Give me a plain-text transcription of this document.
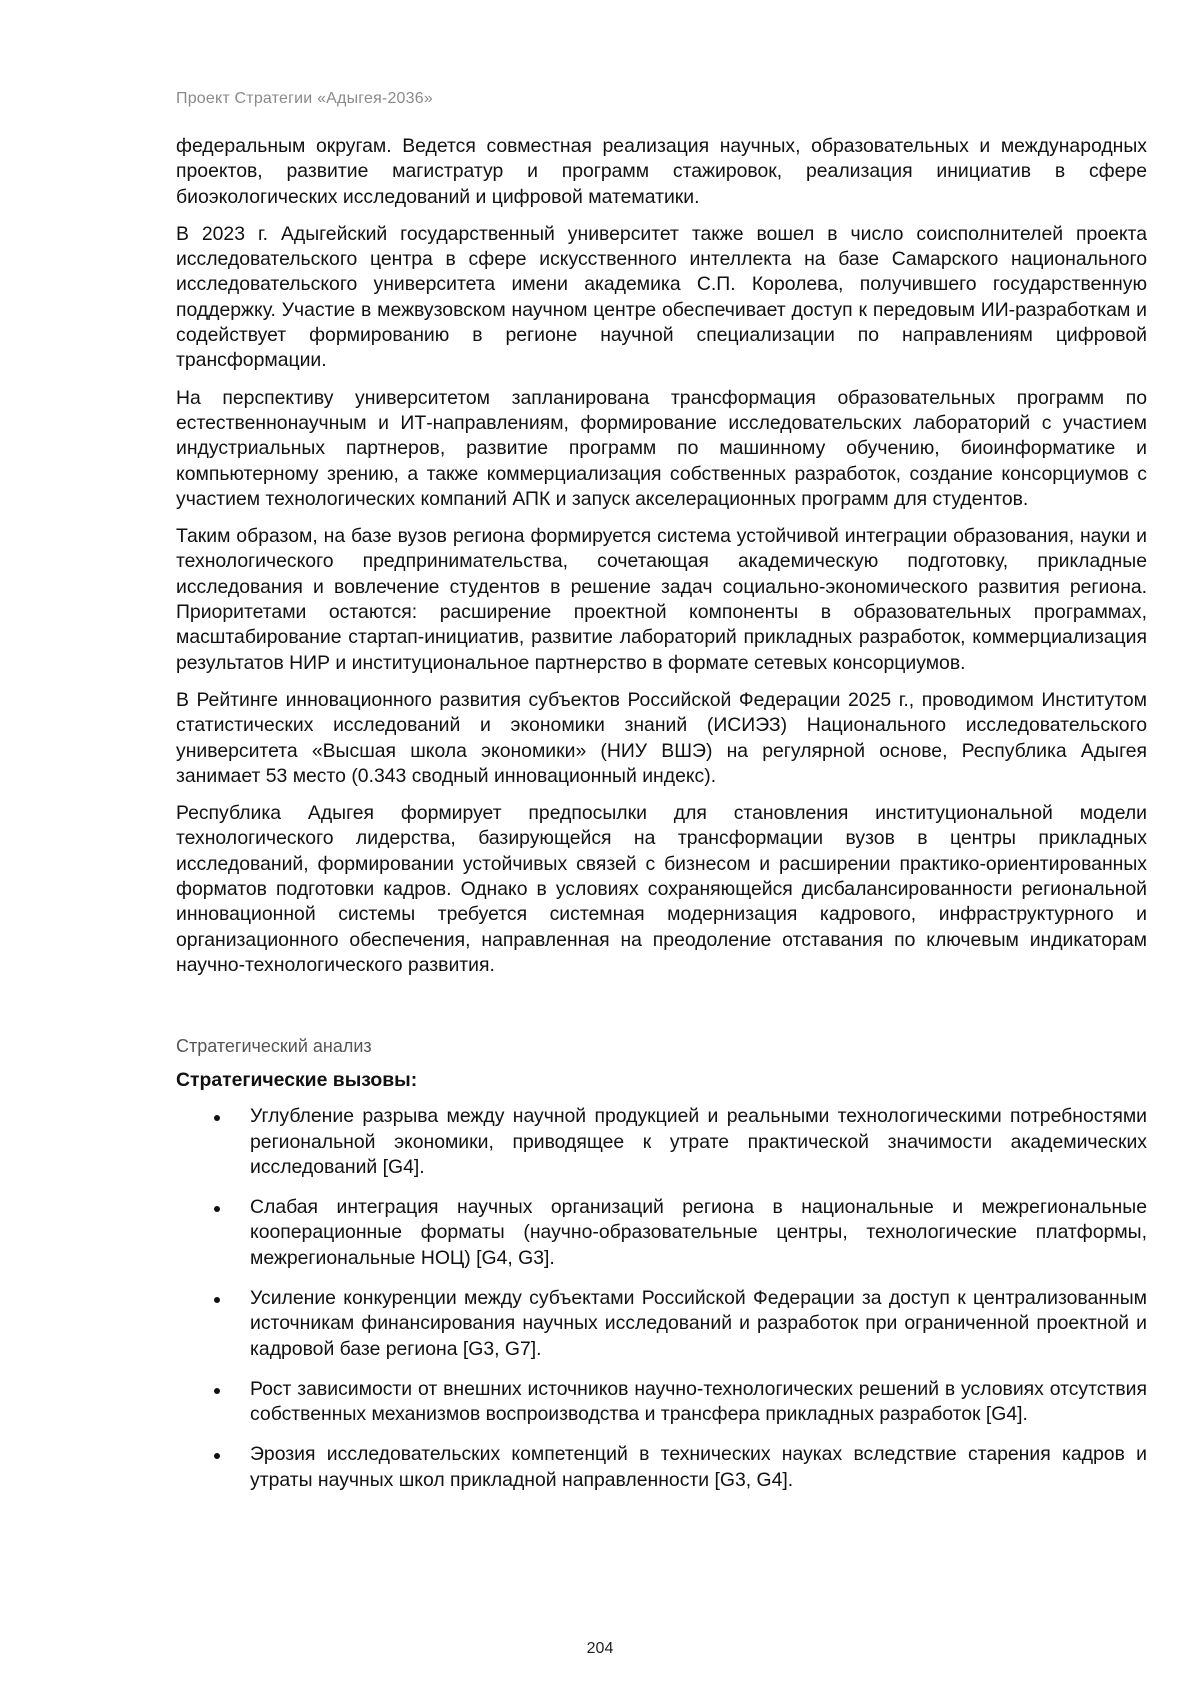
Проект Стратегии «Адыгея-2036»

федеральным округам. Ведется совместная реализация научных, образовательных и международных проектов, развитие магистратур и программ стажировок, реализация инициатив в сфере биоэкологических исследований и цифровой математики.

В 2023 г. Адыгейский государственный университет также вошел в число соисполнителей проекта исследовательского центра в сфере искусственного интеллекта на базе Самарского национального исследовательского университета имени академика С.П. Королева, получившего государственную поддержку. Участие в межвузовском научном центре обеспечивает доступ к передовым ИИ-разработкам и содействует формированию в регионе научной специализации по направлениям цифровой трансформации.

На перспективу университетом запланирована трансформация образовательных программ по естественнонаучным и ИТ-направлениям, формирование исследовательских лабораторий с участием индустриальных партнеров, развитие программ по машинному обучению, биоинформатике и компьютерному зрению, а также коммерциализация собственных разработок, создание консорциумов с участием технологических компаний АПК и запуск акселерационных программ для студентов.

Таким образом, на базе вузов региона формируется система устойчивой интеграции образования, науки и технологического предпринимательства, сочетающая академическую подготовку, прикладные исследования и вовлечение студентов в решение задач социально-экономического развития региона. Приоритетами остаются: расширение проектной компоненты в образовательных программах, масштабирование стартап-инициатив, развитие лабораторий прикладных разработок, коммерциализация результатов НИР и институциональное партнерство в формате сетевых консорциумов.

В Рейтинге инновационного развития субъектов Российской Федерации 2025 г., проводимом Институтом статистических исследований и экономики знаний (ИСИЭЗ) Национального исследовательского университета «Высшая школа экономики» (НИУ ВШЭ) на регулярной основе, Республика Адыгея занимает 53 место (0.343 сводный инновационный индекс).

Республика Адыгея формирует предпосылки для становления институциональной модели технологического лидерства, базирующейся на трансформации вузов в центры прикладных исследований, формировании устойчивых связей с бизнесом и расширении практико-ориентированных форматов подготовки кадров. Однако в условиях сохраняющейся дисбалансированности региональной инновационной системы требуется системная модернизация кадрового, инфраструктурного и организационного обеспечения, направленная на преодоление отставания по ключевым индикаторам научно-технологического развития.

Стратегический анализ
Стратегические вызовы:
Углубление разрыва между научной продукцией и реальными технологическими потребностями региональной экономики, приводящее к утрате практической значимости академических исследований [G4].
Слабая интеграция научных организаций региона в национальные и межрегиональные кооперационные форматы (научно-образовательные центры, технологические платформы, межрегиональные НОЦ) [G4, G3].
Усиление конкуренции между субъектами Российской Федерации за доступ к централизованным источникам финансирования научных исследований и разработок при ограниченной проектной и кадровой базе региона [G3, G7].
Рост зависимости от внешних источников научно-технологических решений в условиях отсутствия собственных механизмов воспроизводства и трансфера прикладных разработок [G4].
Эрозия исследовательских компетенций в технических науках вследствие старения кадров и утраты научных школ прикладной направленности [G3, G4].
204
